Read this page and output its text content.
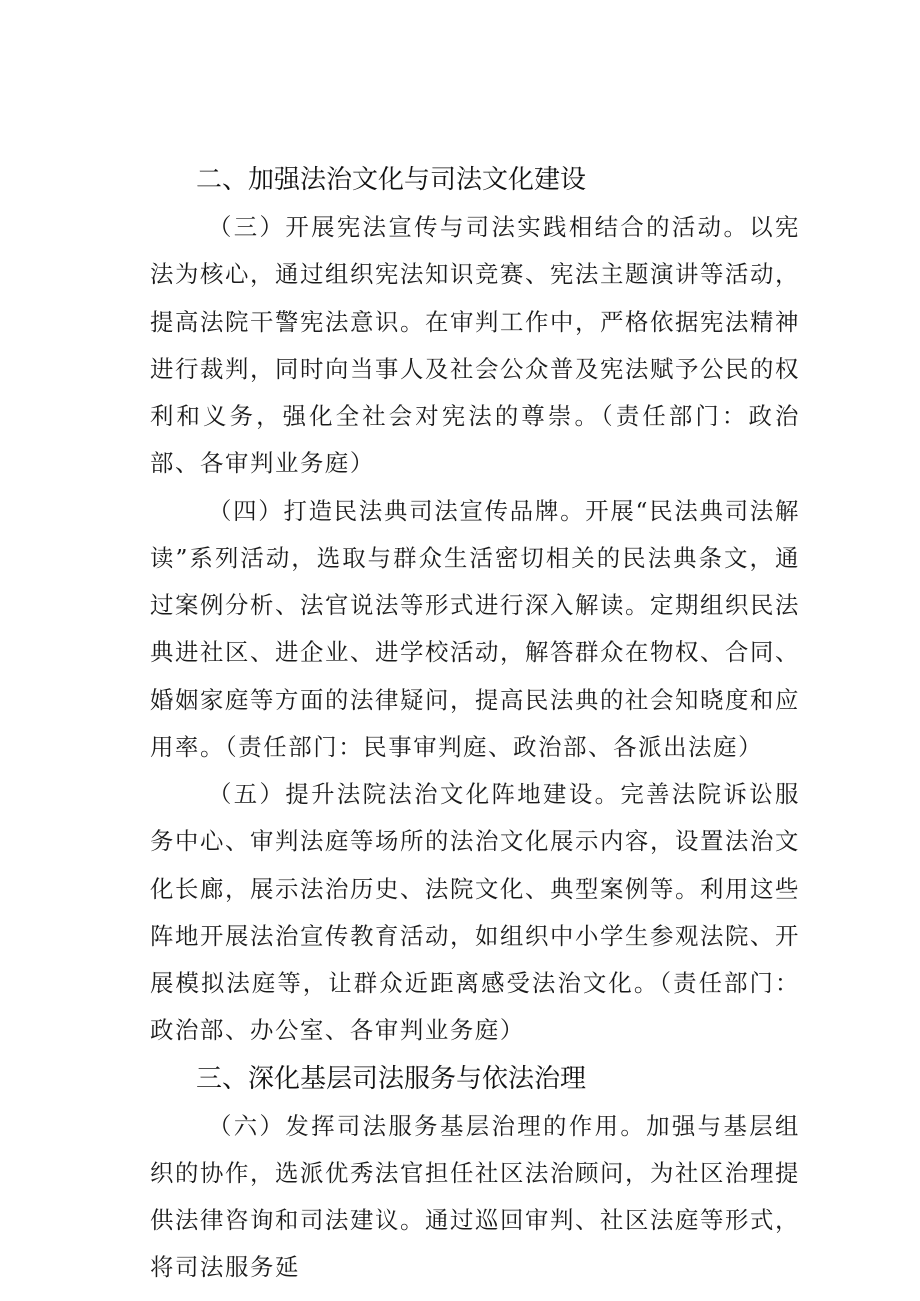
二、加强法治文化与司法文化建设

（三）开展宪法宣传与司法实践相结合的活动。以宪法为核心，通过组织宪法知识竞赛、宪法主题演讲等活动，提高法院干警宪法意识。在审判工作中，严格依据宪法精神进行裁判，同时向当事人及社会公众普及宪法赋予公民的权利和义务，强化全社会对宪法的尊崇。（责任部门：政治部、各审判业务庭）

（四）打造民法典司法宣传品牌。开展“民法典司法解读”系列活动，选取与群众生活密切相关的民法典条文，通过案例分析、法官说法等形式进行深入解读。定期组织民法典进社区、进企业、进学校活动，解答群众在物权、合同、婚姻家庭等方面的法律疑问，提高民法典的社会知晓度和应用率。（责任部门：民事审判庭、政治部、各派出法庭）

（五）提升法院法治文化阵地建设。完善法院诉讼服务中心、审判法庭等场所的法治文化展示内容，设置法治文化长廊，展示法治历史、法院文化、典型案例等。利用这些阵地开展法治宣传教育活动，如组织中小学生参观法院、开展模拟法庭等，让群众近距离感受法治文化。（责任部门：政治部、办公室、各审判业务庭）

三、深化基层司法服务与依法治理

（六）发挥司法服务基层治理的作用。加强与基层组织的协作，选派优秀法官担任社区法治顾问，为社区治理提供法律咨询和司法建议。通过巡回审判、社区法庭等形式，将司法服务延
